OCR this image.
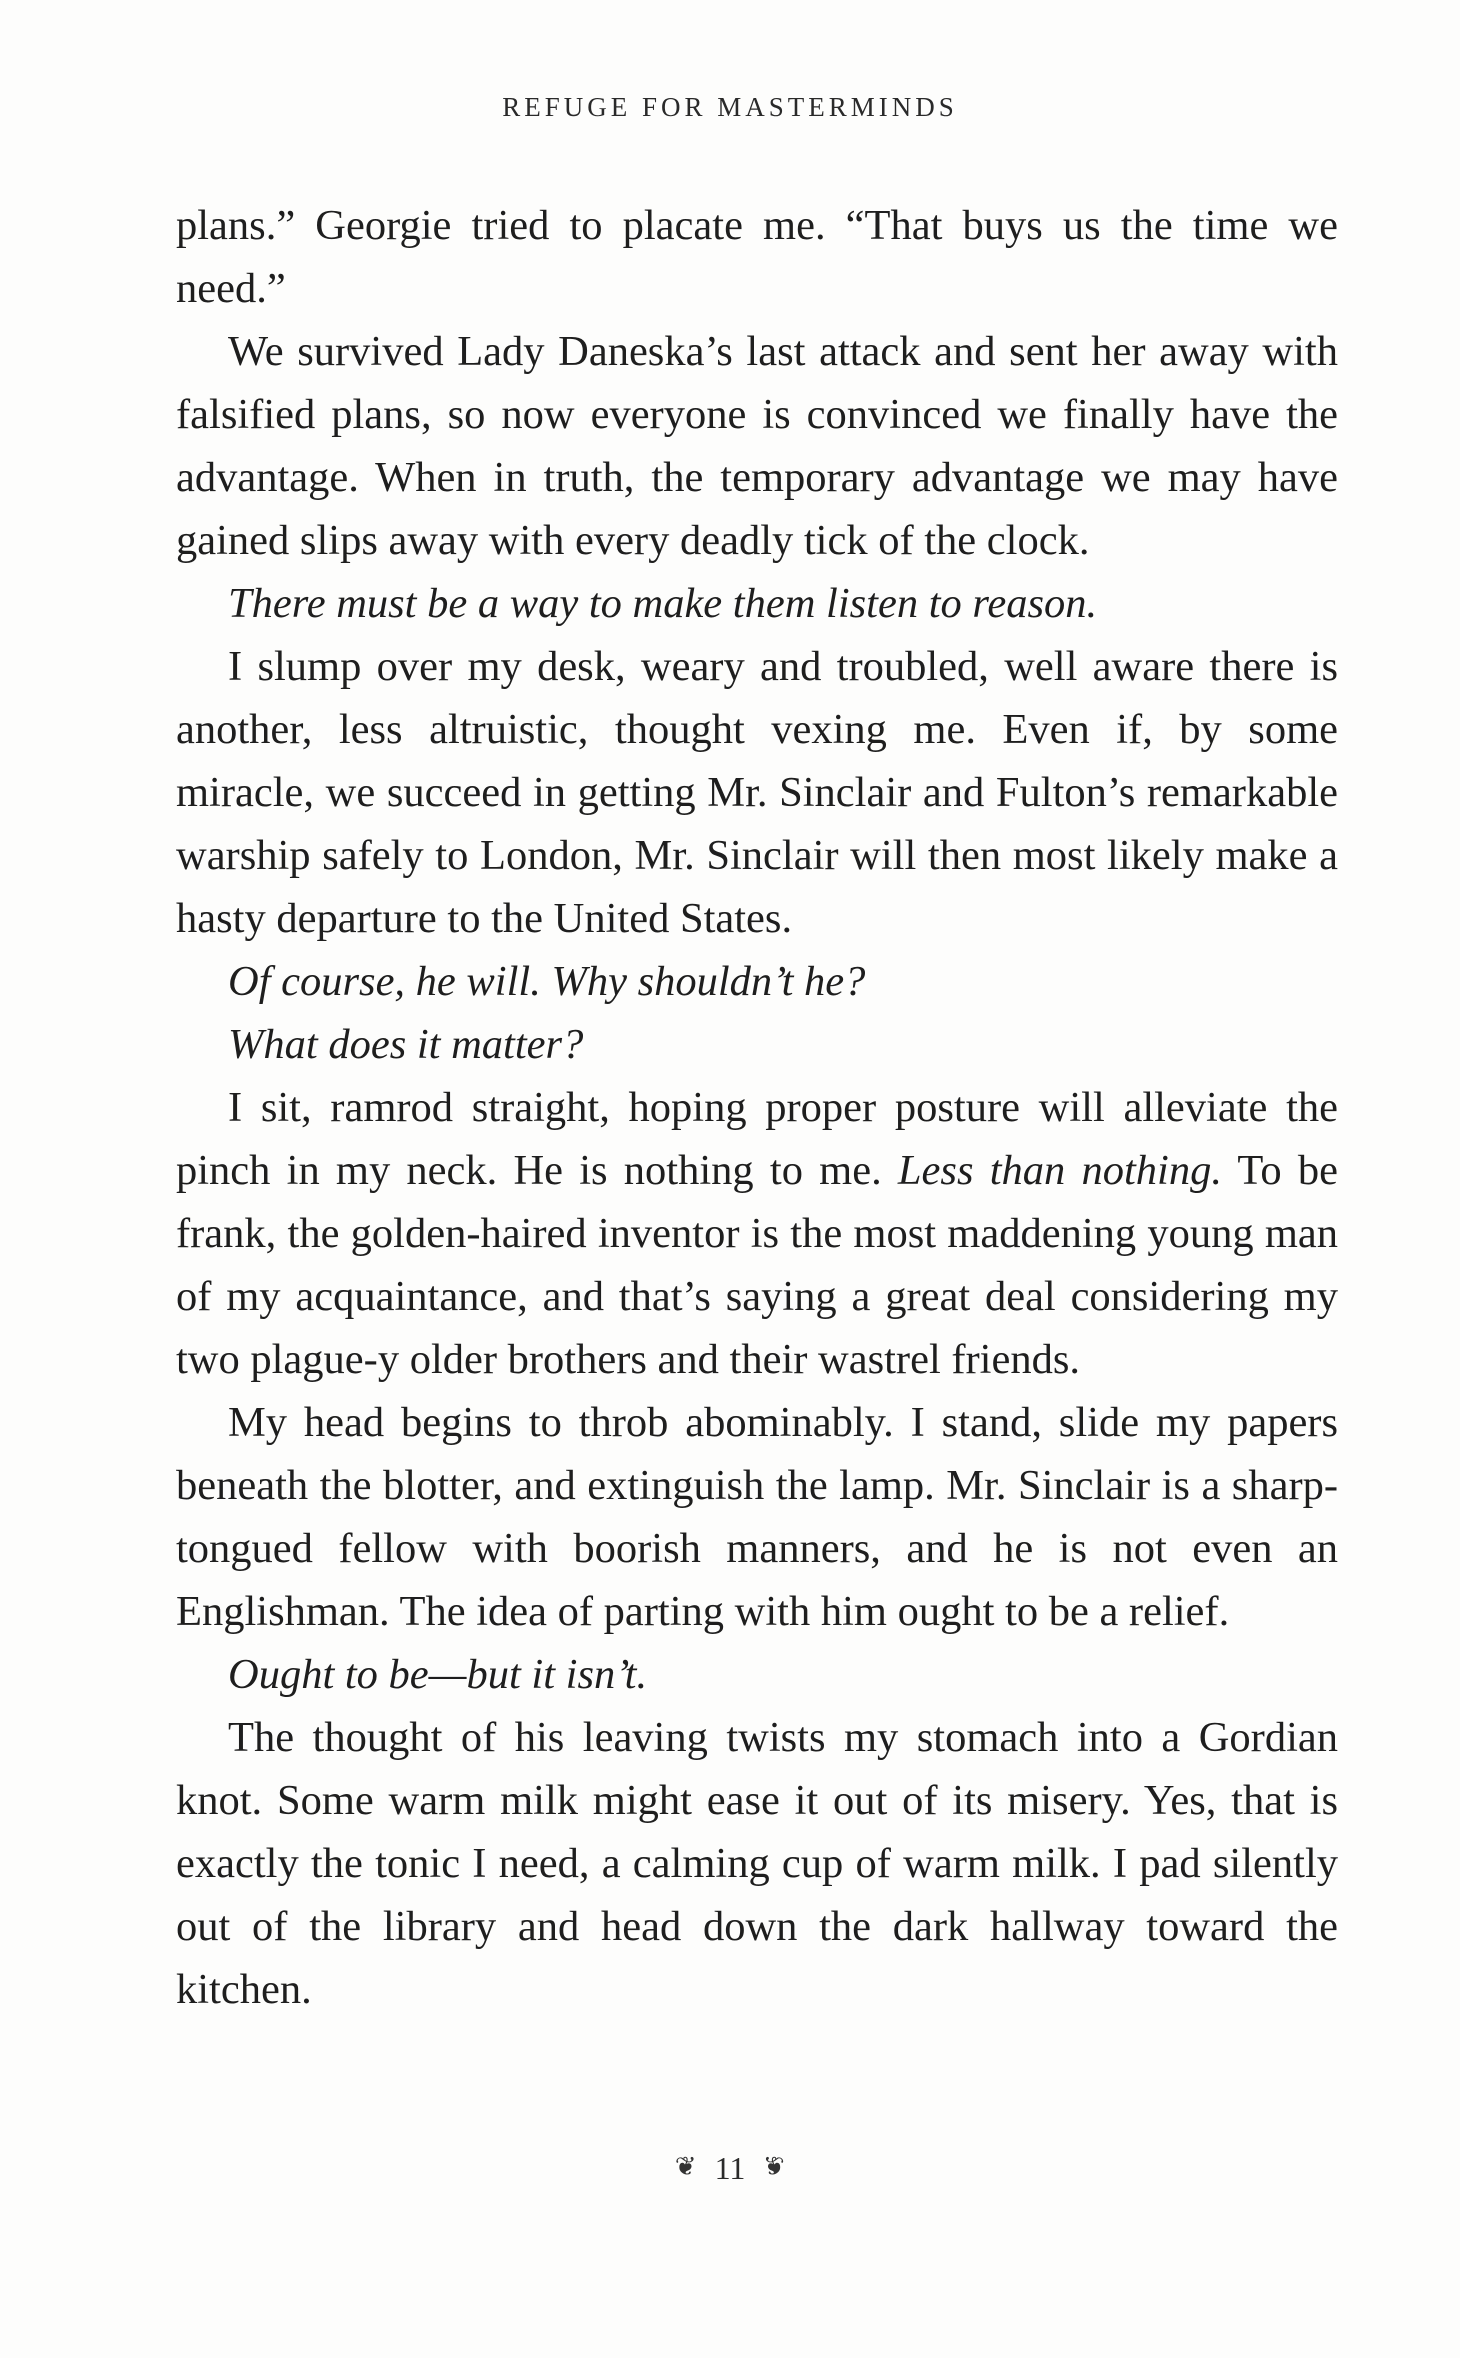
REFUGE FOR MASTERMINDS

plans.” Georgie tried to placate me. “That buys us the time we need.”

We survived Lady Daneska’s last attack and sent her away with falsified plans, so now everyone is convinced we finally have the advantage. When in truth, the temporary advantage we may have gained slips away with every deadly tick of the clock.

There must be a way to make them listen to reason.

I slump over my desk, weary and troubled, well aware there is another, less altruistic, thought vexing me. Even if, by some miracle, we succeed in getting Mr. Sinclair and Fulton’s remarkable warship safely to London, Mr. Sinclair will then most likely make a hasty departure to the United States.

Of course, he will. Why shouldn’t he?

What does it matter?

I sit, ramrod straight, hoping proper posture will alleviate the pinch in my neck. He is nothing to me. Less than nothing. To be frank, the golden-haired inventor is the most maddening young man of my acquaintance, and that’s saying a great deal considering my two plague-y older brothers and their wastrel friends.

My head begins to throb abominably. I stand, slide my papers beneath the blotter, and extinguish the lamp. Mr. Sinclair is a sharp-tongued fellow with boorish manners, and he is not even an Englishman. The idea of parting with him ought to be a relief.

Ought to be—but it isn’t.

The thought of his leaving twists my stomach into a Gordian knot. Some warm milk might ease it out of its misery. Yes, that is exactly the tonic I need, a calming cup of warm milk. I pad silently out of the library and head down the dark hallway toward the kitchen.

❦ 11 ❦
